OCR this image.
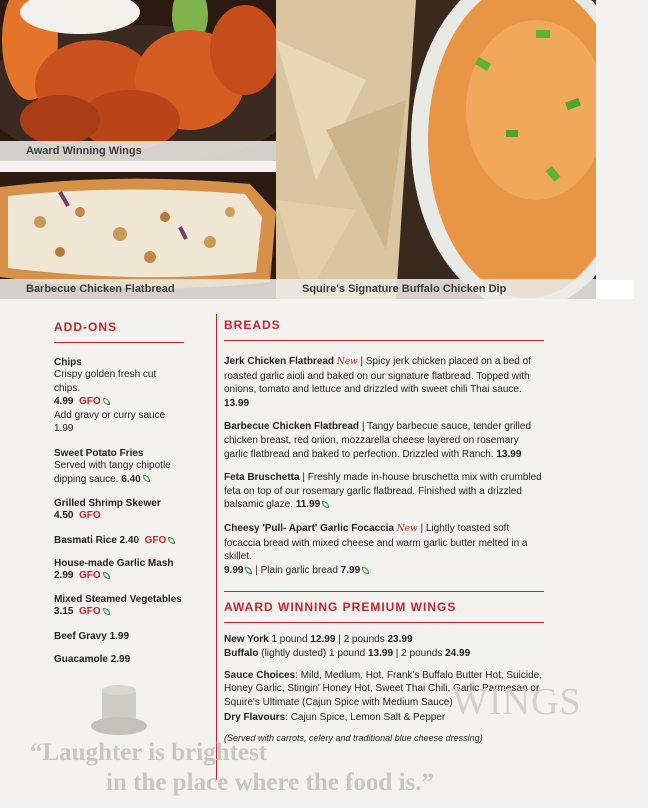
Award Winning Wings
Barbecue Chicken Flatbread	Squire's Signature Buffalo Chicken Dip
ADD-ONS
Chips
Crispy golden fresh cut chips.
4.99 GFO
Add gravy or curry sauce 1.99
Sweet Potato Fries
Served with tangy chipotle dipping sauce. 6.40
Grilled Shrimp Skewer
4.50 GFO
Basmati Rice 2.40 GFO
House-made Garlic Mash
2.99 GFO
Mixed Steamed Vegetables
3.15 GFO
Beef Gravy 1.99
Guacamole 2.99
BREADS
Jerk Chicken Flatbread New | Spicy jerk chicken placed on a bed of roasted garlic aioli and baked on our signature flatbread. Topped with onions, tomato and lettuce and drizzled with sweet chili Thai sauce.
13.99
Barbecue Chicken Flatbread | Tangy barbecue sauce, tender grilled chicken breast, red onion, mozzarella cheese layered on rosemary garlic flatbread and baked to perfection. Drizzled with Ranch. 13.99
Feta Bruschetta | Freshly made in-house bruschetta mix with crumbled feta on top of our rosemary garlic flatbread. Finished with a drizzled balsamic glaze. 11.99
Cheesy 'Pull- Apart' Garlic Focaccia New | Lightly toasted soft focaccia bread with mixed cheese and warm garlic butter melted in a skillet.
9.99 | Plain garlic bread 7.99
AWARD WINNING PREMIUM WINGS
New York 1 pound 12.99 | 2 pounds 23.99
Buffalo (lightly dusted) 1 pound 13.99 | 2 pounds 24.99
Sauce Choices: Mild, Medium, Hot, Frank's Buffalo Butter Hot, Suicide, Honey Garlic, Stingin' Honey Hot, Sweet Thai Chili, Garlic Parmesan or Squire's Ultimate (Cajun Spice with Medium Sauce)
Dry Flavours: Cajun Spice, Lemon Salt & Pepper
(Served with carrots, celery and traditional blue cheese dressing)
WINGS
“Laughter is brightest
in the place where the food is.”
